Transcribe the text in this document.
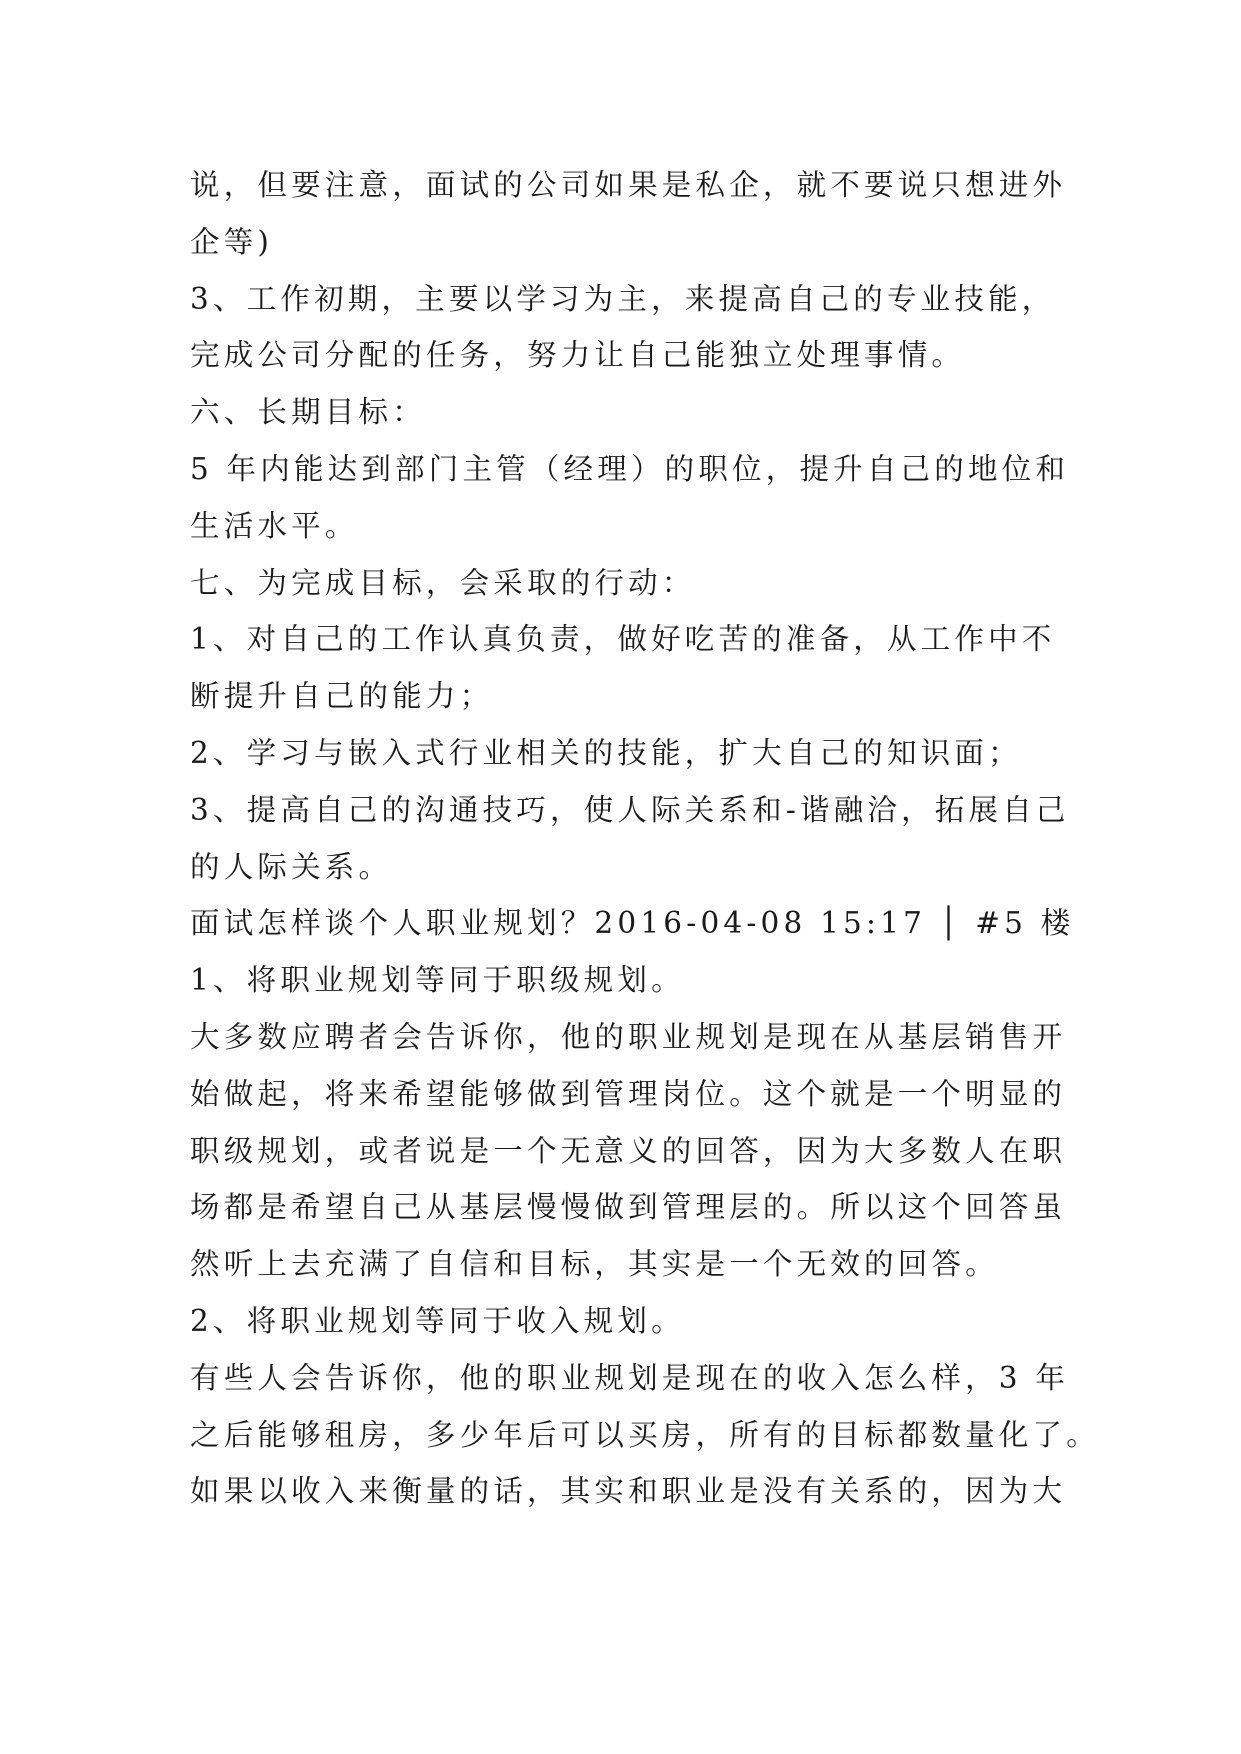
说，但要注意，面试的公司如果是私企，就不要说只想进外
企等)
3、工作初期，主要以学习为主，来提高自己的专业技能，
完成公司分配的任务，努力让自己能独立处理事情。
六、长期目标：
5 年内能达到部门主管（经理）的职位，提升自己的地位和
生活水平。
七、为完成目标，会采取的行动：
1、对自己的工作认真负责，做好吃苦的准备，从工作中不
断提升自己的能力；
2、学习与嵌入式行业相关的技能，扩大自己的知识面；
3、提高自己的沟通技巧，使人际关系和-谐融洽，拓展自己
的人际关系。
面试怎样谈个人职业规划？2016-04-08 15:17 │ #5 楼
1、将职业规划等同于职级规划。
大多数应聘者会告诉你，他的职业规划是现在从基层销售开
始做起，将来希望能够做到管理岗位。这个就是一个明显的
职级规划，或者说是一个无意义的回答，因为大多数人在职
场都是希望自己从基层慢慢做到管理层的。所以这个回答虽
然听上去充满了自信和目标，其实是一个无效的回答。
2、将职业规划等同于收入规划。
有些人会告诉你，他的职业规划是现在的收入怎么样，3 年
之后能够租房，多少年后可以买房，所有的目标都数量化了。
如果以收入来衡量的话，其实和职业是没有关系的，因为大
